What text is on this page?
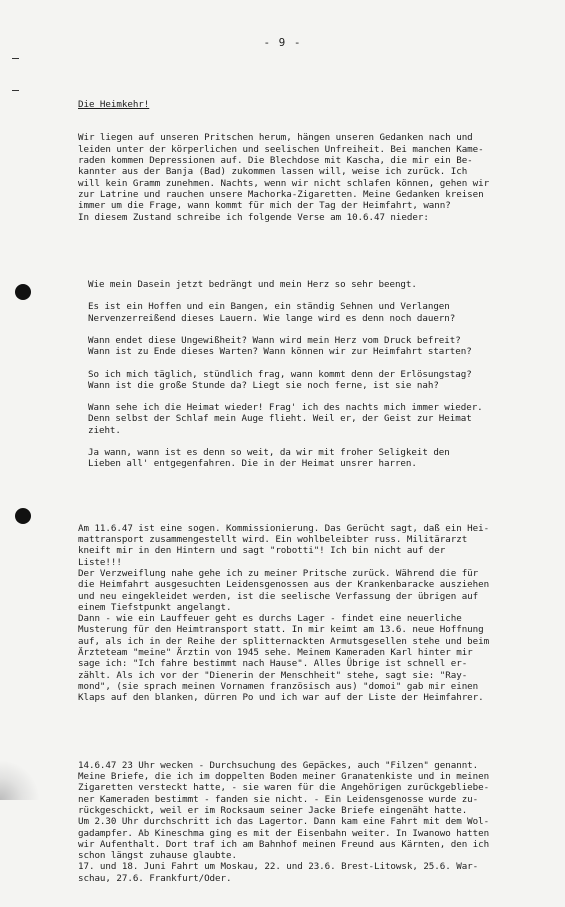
- 9 -

Die Heimkehr!

Wir liegen auf unseren Pritschen herum, hängen unseren Gedanken nach und
leiden unter der körperlichen und seelischen Unfreiheit. Bei manchen Kame-
raden kommen Depressionen auf. Die Blechdose mit Kascha, die mir ein Be-
kannter aus der Banja (Bad) zukommen lassen will, weise ich zurück. Ich
will kein Gramm zunehmen. Nachts, wenn wir nicht schlafen können, gehen wir
zur Latrine und rauchen unsere Machorka-Zigaretten. Meine Gedanken kreisen
immer um die Frage, wann kommt für mich der Tag der Heimfahrt, wann?
In diesem Zustand schreibe ich folgende Verse am 10.6.47 nieder:

Wie mein Dasein jetzt bedrängt und mein Herz so sehr beengt.
Es ist ein Hoffen und ein Bangen, ein ständig Sehnen und Verlangen
Nervenzerreißend dieses Lauern. Wie lange wird es denn noch dauern?
Wann endet diese Ungewißheit? Wann wird mein Herz vom Druck befreit?
Wann ist zu Ende dieses Warten? Wann können wir zur Heimfahrt starten?
So ich mich täglich, stündlich frag, wann kommt denn der Erlösungstag?
Wann ist die große Stunde da? Liegt sie noch ferne, ist sie nah?
Wann sehe ich die Heimat wieder! Frag' ich des nachts mich immer wieder.
Denn selbst der Schlaf mein Auge flieht. Weil er, der Geist zur Heimat
zieht.
Ja wann, wann ist es denn so weit, da wir mit froher Seligkeit den
Lieben all' entgegenfahren. Die in der Heimat unsrer harren.

Am 11.6.47 ist eine sogen. Kommissionierung. Das Gerücht sagt, daß ein Hei-
mattransport zusammengestellt wird. Ein wohlbeleibter russ. Militärarzt
kneift mir in den Hintern und sagt "robotti"! Ich bin nicht auf der
Liste!!!
Der Verzweiflung nahe gehe ich zu meiner Pritsche zurück. Während die für
die Heimfahrt ausgesuchten Leidensgenossen aus der Krankenbaracke ausziehen
und neu eingekleidet werden, ist die seelische Verfassung der übrigen auf
einem Tiefstpunkt angelangt.
Dann - wie ein Lauffeuer geht es durchs Lager - findet eine neuerliche
Musterung für den Heimtransport statt. In mir keimt am 13.6. neue Hoffnung
auf, als ich in der Reihe der splitternackten Armutsgesellen stehe und beim
Ärzteteam "meine" Ärztin von 1945 sehe. Meinem Kameraden Karl hinter mir
sage ich: "Ich fahre bestimmt nach Hause". Alles Übrige ist schnell er-
zählt. Als ich vor der "Dienerin der Menschheit" stehe, sagt sie: "Ray-
mond", (sie sprach meinen Vornamen französisch aus) "domoi" gab mir einen
Klaps auf den blanken, dürren Po und ich war auf der Liste der Heimfahrer.

14.6.47 23 Uhr wecken - Durchsuchung des Gepäckes, auch "Filzen" genannt.
Meine Briefe, die ich im doppelten Boden meiner Granatenkiste und in meinen
Zigaretten versteckt hatte, - sie waren für die Angehörigen zurückgebliebe-
ner Kameraden bestimmt - fanden sie nicht. - Ein Leidensgenosse wurde zu-
rückgeschickt, weil er im Rocksaum seiner Jacke Briefe eingenäht hatte.
Um 2.30 Uhr durchschritt ich das Lagertor. Dann kam eine Fahrt mit dem Wol-
gadampfer. Ab Kineschma ging es mit der Eisenbahn weiter. In Iwanowo hatten
wir Aufenthalt. Dort traf ich am Bahnhof meinen Freund aus Kärnten, den ich
schon längst zuhause glaubte.
17. und 18. Juni Fahrt um Moskau, 22. und 23.6. Brest-Litowsk, 25.6. War-
schau, 27.6. Frankfurt/Oder.
